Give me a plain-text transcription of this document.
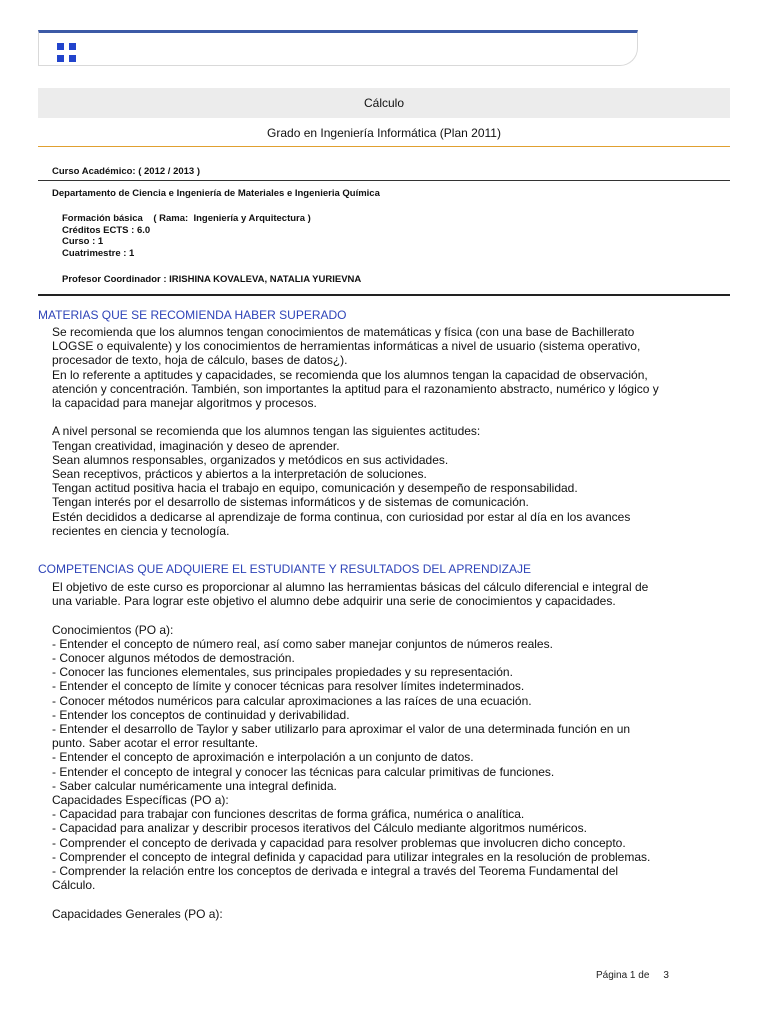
Cálculo
Grado en Ingeniería Informática (Plan 2011)
Curso Académico: ( 2012 / 2013 )
Departamento de Ciencia e Ingeniería de Materiales e Ingenieria Química
Formación básica    ( Rama:  Ingeniería y Arquitectura )
Créditos ECTS : 6.0
Curso : 1
Cuatrimestre : 1
Profesor Coordinador : IRISHINA KOVALEVA, NATALIA YURIEVNA
MATERIAS QUE SE RECOMIENDA HABER SUPERADO

Se recomienda que los alumnos tengan conocimientos de matemáticas y física (con una base de Bachillerato

LOGSE o equivalente) y los conocimientos de herramientas informáticas a nivel de usuario (sistema operativo,

procesador de texto, hoja de cálculo, bases de datos¿).

En lo referente a aptitudes y capacidades, se recomienda que los alumnos tengan la capacidad de observación,

atención y concentración. También, son importantes la aptitud para el razonamiento abstracto, numérico y lógico y

la capacidad para manejar algoritmos y procesos.

A nivel personal se recomienda que los alumnos tengan las siguientes actitudes:

Tengan creatividad, imaginación y deseo de aprender.

Sean alumnos responsables, organizados y metódicos en sus actividades.

Sean receptivos, prácticos y abiertos a la interpretación de soluciones.

Tengan actitud positiva hacia el trabajo en equipo, comunicación y desempeño de responsabilidad.

Tengan interés por el desarrollo de sistemas informáticos y de sistemas de comunicación.

Estén decididos a dedicarse al aprendizaje de forma continua, con curiosidad por estar al día en los avances

recientes en ciencia y tecnología.

COMPETENCIAS QUE ADQUIERE EL ESTUDIANTE Y RESULTADOS DEL APRENDIZAJE

El objetivo de este curso es proporcionar al alumno las herramientas básicas del cálculo diferencial e integral de

una variable. Para lograr este objetivo el alumno debe adquirir una serie de conocimientos y capacidades.

Conocimientos (PO a):

- Entender el concepto de número real, así como saber manejar conjuntos de números reales.

- Conocer algunos métodos de demostración.

- Conocer las funciones elementales, sus principales propiedades y su representación.

- Entender el concepto de límite y conocer técnicas para resolver límites indeterminados.

- Conocer métodos numéricos para calcular aproximaciones a las raíces de una ecuación.

- Entender los conceptos de continuidad y derivabilidad.

- Entender el desarrollo de Taylor y saber utilizarlo para aproximar el valor de una determinada función en un

punto. Saber acotar el error resultante.

- Entender el concepto de aproximación e interpolación a un conjunto de datos.

- Entender el concepto de integral y conocer las técnicas para calcular primitivas de funciones.

- Saber calcular numéricamente una integral definida.

Capacidades Específicas (PO a):

- Capacidad para trabajar con funciones descritas de forma gráfica, numérica o analítica.

- Capacidad para analizar y describir procesos iterativos del Cálculo mediante algoritmos numéricos.

- Comprender el concepto de derivada y capacidad para resolver problemas que involucren dicho concepto.

- Comprender el concepto de integral definida y capacidad para utilizar integrales en la resolución de problemas.

- Comprender la relación entre los conceptos de derivada e integral a través del Teorema Fundamental del

Cálculo.

Capacidades Generales (PO a):

Página 1 de 3
